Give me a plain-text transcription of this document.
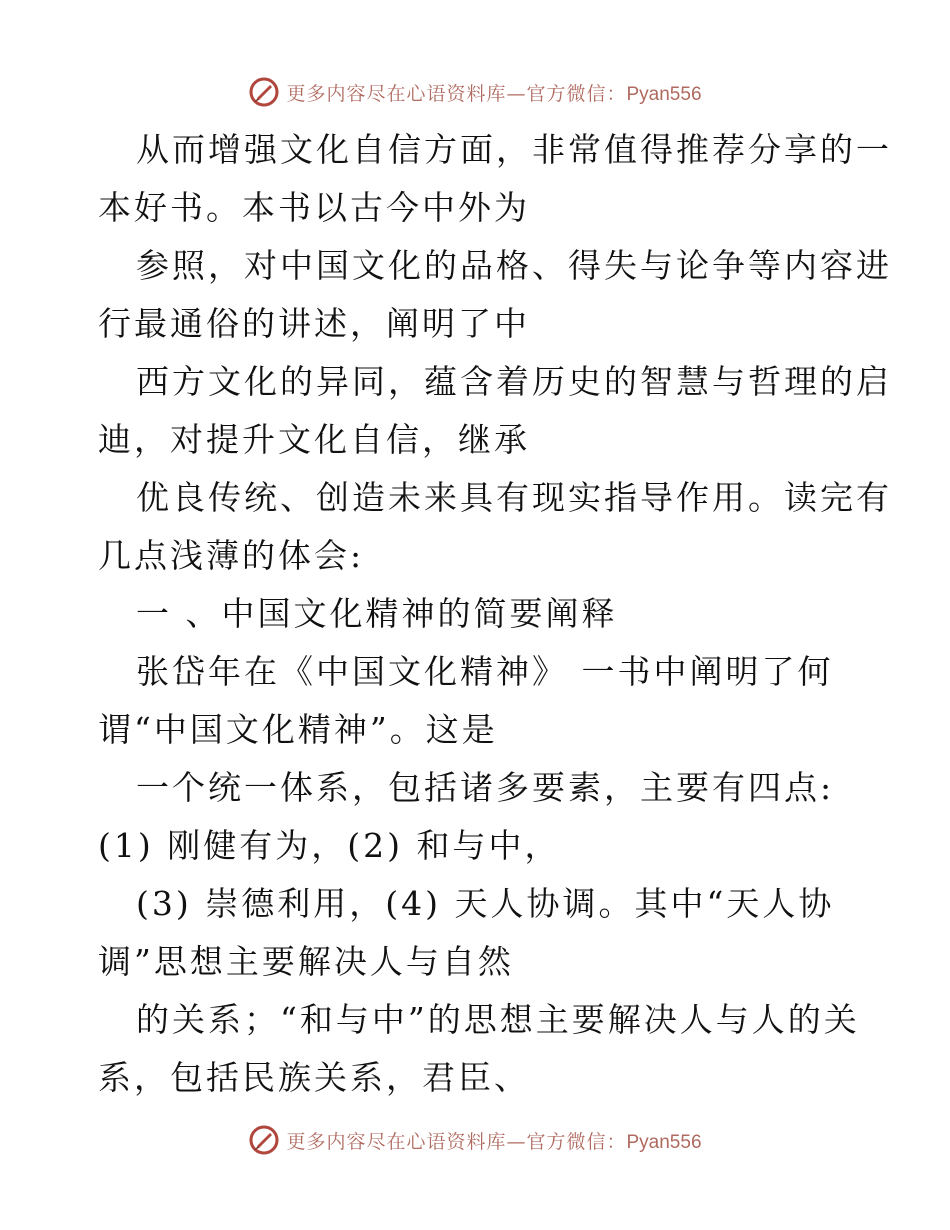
更多内容尽在心语资料库—官方微信：Pyan556
从而增强文化自信方面，非常值得推荐分享的一
本好书。本书以古今中外为
参照，对中国文化的品格、得失与论争等内容进
行最通俗的讲述，阐明了中
西方文化的异同，蕴含着历史的智慧与哲理的启
迪，对提升文化自信，继承
优良传统、创造未来具有现实指导作用。读完有
几点浅薄的体会:
一 、中国文化精神的简要阐释
张岱年在《中国文化精神》 一书中阐明了何
谓“中国文化精神”。这是
一个统一体系，包括诸多要素，主要有四点:
(1) 刚健有为，(2) 和与中，
(3) 崇德利用，(4) 天人协调。其中“天人协
调”思想主要解决人与自然
的关系；“和与中”的思想主要解决人与人的关
系，包括民族关系，君臣、
更多内容尽在心语资料库—官方微信：Pyan556
